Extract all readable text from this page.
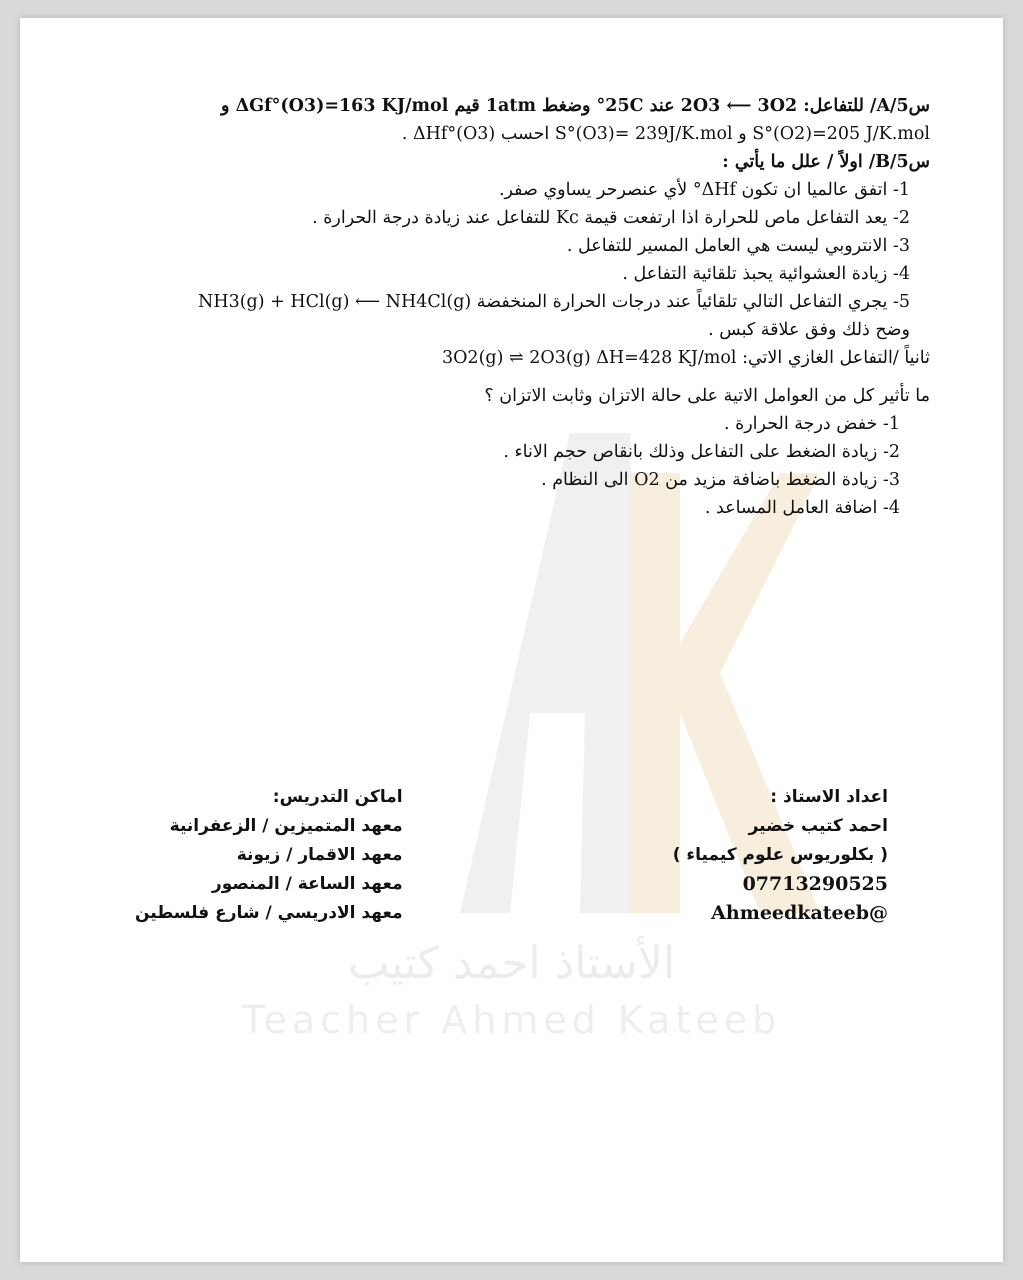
الأستاذ احمد كتيب
Teacher Ahmed Kateeb
س5/A/ للتفاعل: 2O3 ⟵ 3O2 عند 25C° وضغط 1atm قيم ΔGf°(O3)=163 KJ/mol و
S°(O2)=205 J/K.mol و S°(O3)= 239J/K.mol احسب ΔHf°(O3) .
س5/B/ اولاً / علل ما يأتي :
1- اتفق عالميا ان تكون ΔHf° لأي عنصرحر يساوي صفر.
2- يعد التفاعل ماص للحرارة اذا ارتفعت قيمة Kc للتفاعل عند زيادة درجة الحرارة .
3- الانتروبي ليست هي العامل المسير للتفاعل .
4- زيادة العشوائية يحبذ تلقائية التفاعل .
5- يجري التفاعل التالي تلقائياً عند درجات الحرارة المنخفضة NH3(g) + HCl(g) ⟵ NH4Cl(g)
وضح ذلك وفق علاقة كبس .
ثانياً /التفاعل الغازي الاتي: 3O2(g) ⇌ 2O3(g) ΔH=428 KJ/mol
ما تأثير كل من العوامل الاتية على حالة الاتزان وثابت الاتزان ؟
1- خفض درجة الحرارة .
2- زيادة الضغط على التفاعل وذلك بانقاص حجم الاناء .
3- زيادة الضغط باضافة مزيد من O2 الى النظام .
4- اضافة العامل المساعد .
اعداد الاستاذ :
احمد كتيب خضير
( بكلوريوس علوم كيمياء )
07713290525
@Ahmeedkateeb
اماكن التدريس:
معهد المتميزين / الزعفرانية
معهد الاقمار / زيونة
معهد الساعة / المنصور
معهد الادريسي / شارع فلسطين
